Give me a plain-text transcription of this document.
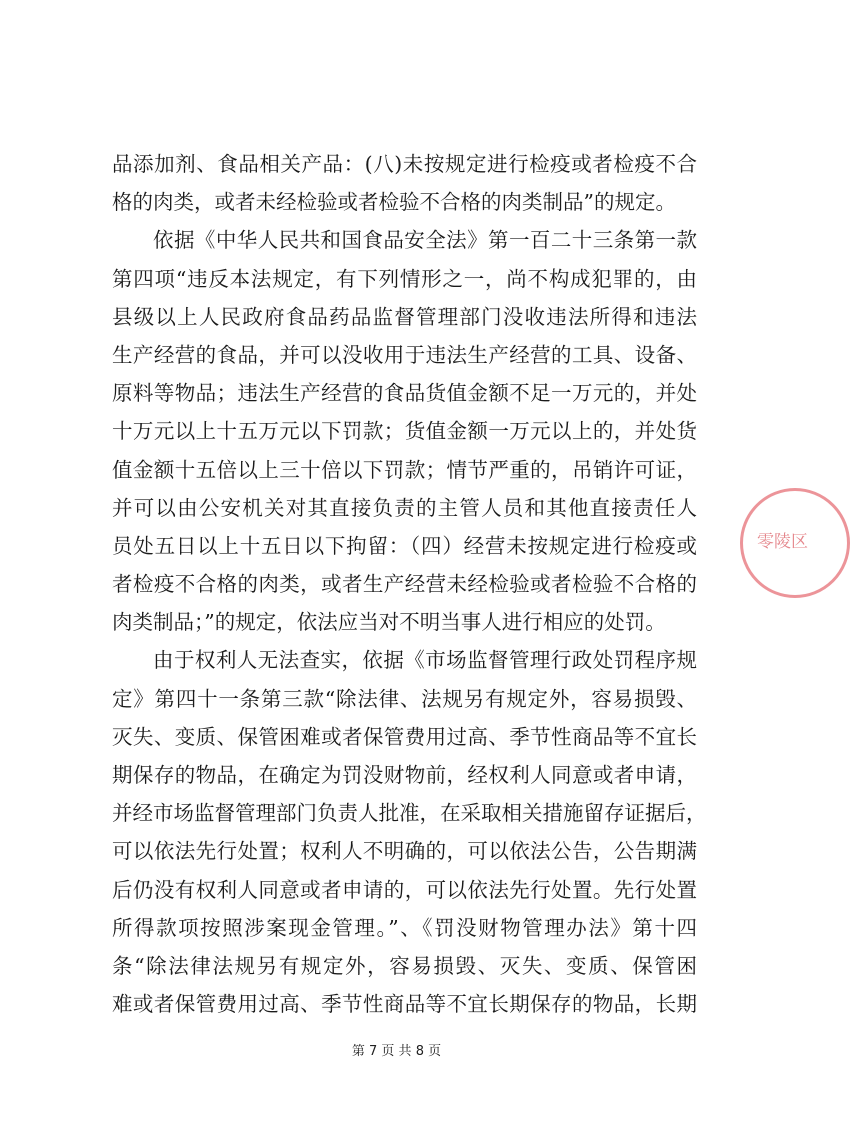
品添加剂、食品相关产品：(八)未按规定进行检疫或者检疫不合
格的肉类，或者未经检验或者检验不合格的肉类制品”的规定。
依据《中华人民共和国食品安全法》第一百二十三条第一款
第四项“违反本法规定，有下列情形之一，尚不构成犯罪的，由
县级以上人民政府食品药品监督管理部门没收违法所得和违法
生产经营的食品，并可以没收用于违法生产经营的工具、设备、
原料等物品；违法生产经营的食品货值金额不足一万元的，并处
十万元以上十五万元以下罚款；货值金额一万元以上的，并处货
值金额十五倍以上三十倍以下罚款；情节严重的，吊销许可证，
并可以由公安机关对其直接负责的主管人员和其他直接责任人
员处五日以上十五日以下拘留：（四）经营未按规定进行检疫或
者检疫不合格的肉类，或者生产经营未经检验或者检验不合格的
肉类制品；”的规定，依法应当对不明当事人进行相应的处罚。
由于权利人无法查实，依据《市场监督管理行政处罚程序规
定》第四十一条第三款“除法律、法规另有规定外，容易损毁、
灭失、变质、保管困难或者保管费用过高、季节性商品等不宜长
期保存的物品，在确定为罚没财物前，经权利人同意或者申请，
并经市场监督管理部门负责人批准，在采取相关措施留存证据后，
可以依法先行处置；权利人不明确的，可以依法公告，公告期满
后仍没有权利人同意或者申请的，可以依法先行处置。先行处置
所得款项按照涉案现金管理。”、《罚没财物管理办法》第十四
条“除法律法规另有规定外，容易损毁、灭失、变质、保管困
难或者保管费用过高、季节性商品等不宜长期保存的物品，长期
零陵区
第 7 页 共 8 页
